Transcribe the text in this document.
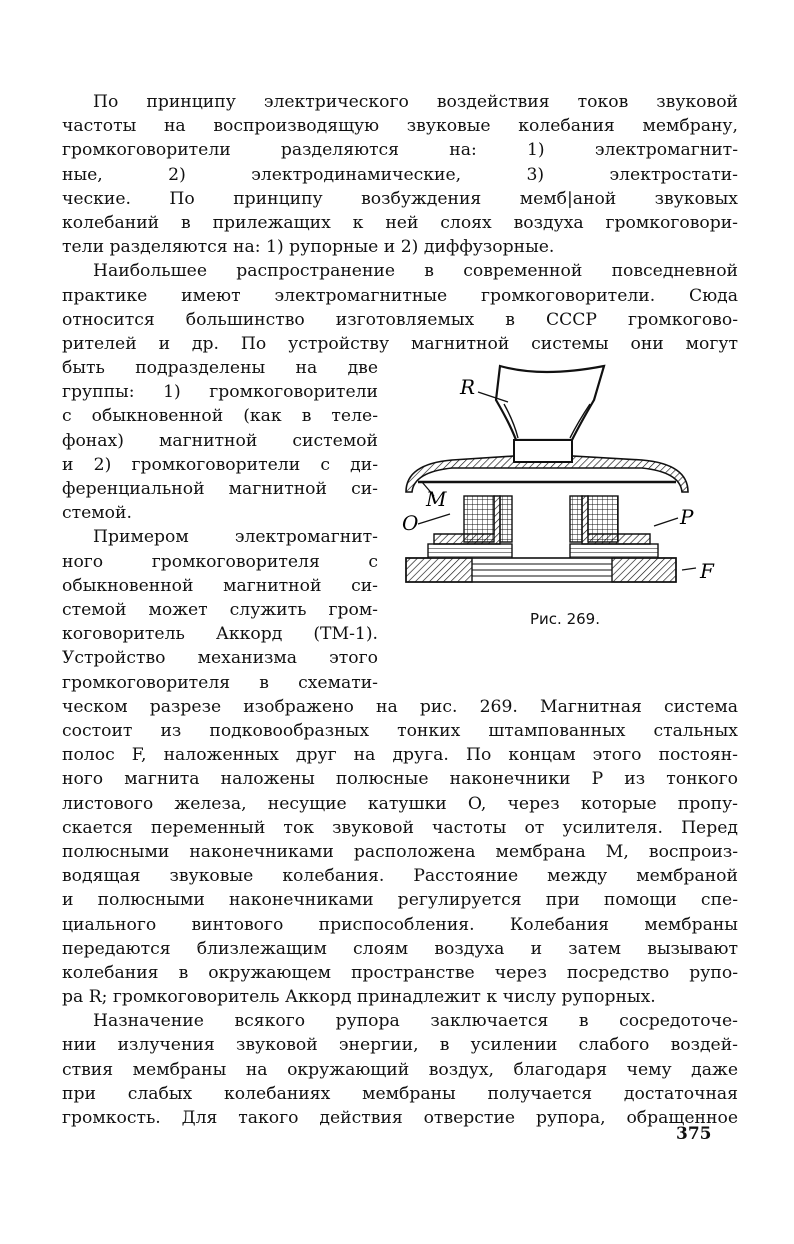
По принципу электрического воздействия токов звуковой
частоты на воспроизводящую звуковые колебания мембрану,
громкоговорители разделяются на: 1) электромагнит-
ные, 2) электродинамические, 3) электростати-
ческие. По принципу возбуждения мемб|аной звуковых
колебаний в прилежащих к ней слоях воздуха громкоговори-
тели разделяются на: 1) рупорные и 2) диффузорные.
Наибольшее распространение в современной повседневной
практике имеют электромагнитные громкоговорители. Сюда
относится большинство изготовляемых в СССР громкогово-
рителей и др. По устройству магнитной системы они могут
быть подразделены на две
группы: 1) громкоговорители
с обыкновенной (как в теле-
фонах) магнитной системой
и 2) громкоговорители с ди-
ференциальной магнитной си-
стемой.
Примером электромагнит-
ного громкоговорителя с
обыкновенной магнитной си-
стемой может служить гром-
коговоритель Аккорд (ТМ-1).
Устройство механизма этого
громкоговорителя в схемати-
R
M
O	P
F
Рис. 269.
ческом разрезе изображено на рис. 269. Магнитная система
состоит из подковообразных тонких штампованных стальных
полос F, наложенных друг на друга. По концам этого постоян-
ного магнита наложены полюсные наконечники P из тонкого
листового железа, несущие катушки O, через которые пропу-
скается переменный ток звуковой частоты от усилителя. Перед
полюсными наконечниками расположена мембрана M, воспроиз-
водящая звуковые колебания. Расстояние между мембраной
и полюсными наконечниками регулируется при помощи спе-
циального винтового приспособления. Колебания мембраны
передаются близлежащим слоям воздуха и затем вызывают
колебания в окружающем пространстве через посредство рупо-
ра R; громкоговоритель Аккорд принадлежит к числу рупорных.
Назначение всякого рупора заключается в сосредоточе-
нии излучения звуковой энергии, в усилении слабого воздей-
ствия мембраны на окружающий воздух, благодаря чему даже
при слабых колебаниях мембраны получается достаточная
громкость. Для такого действия отверстие рупора, обращенное
375
